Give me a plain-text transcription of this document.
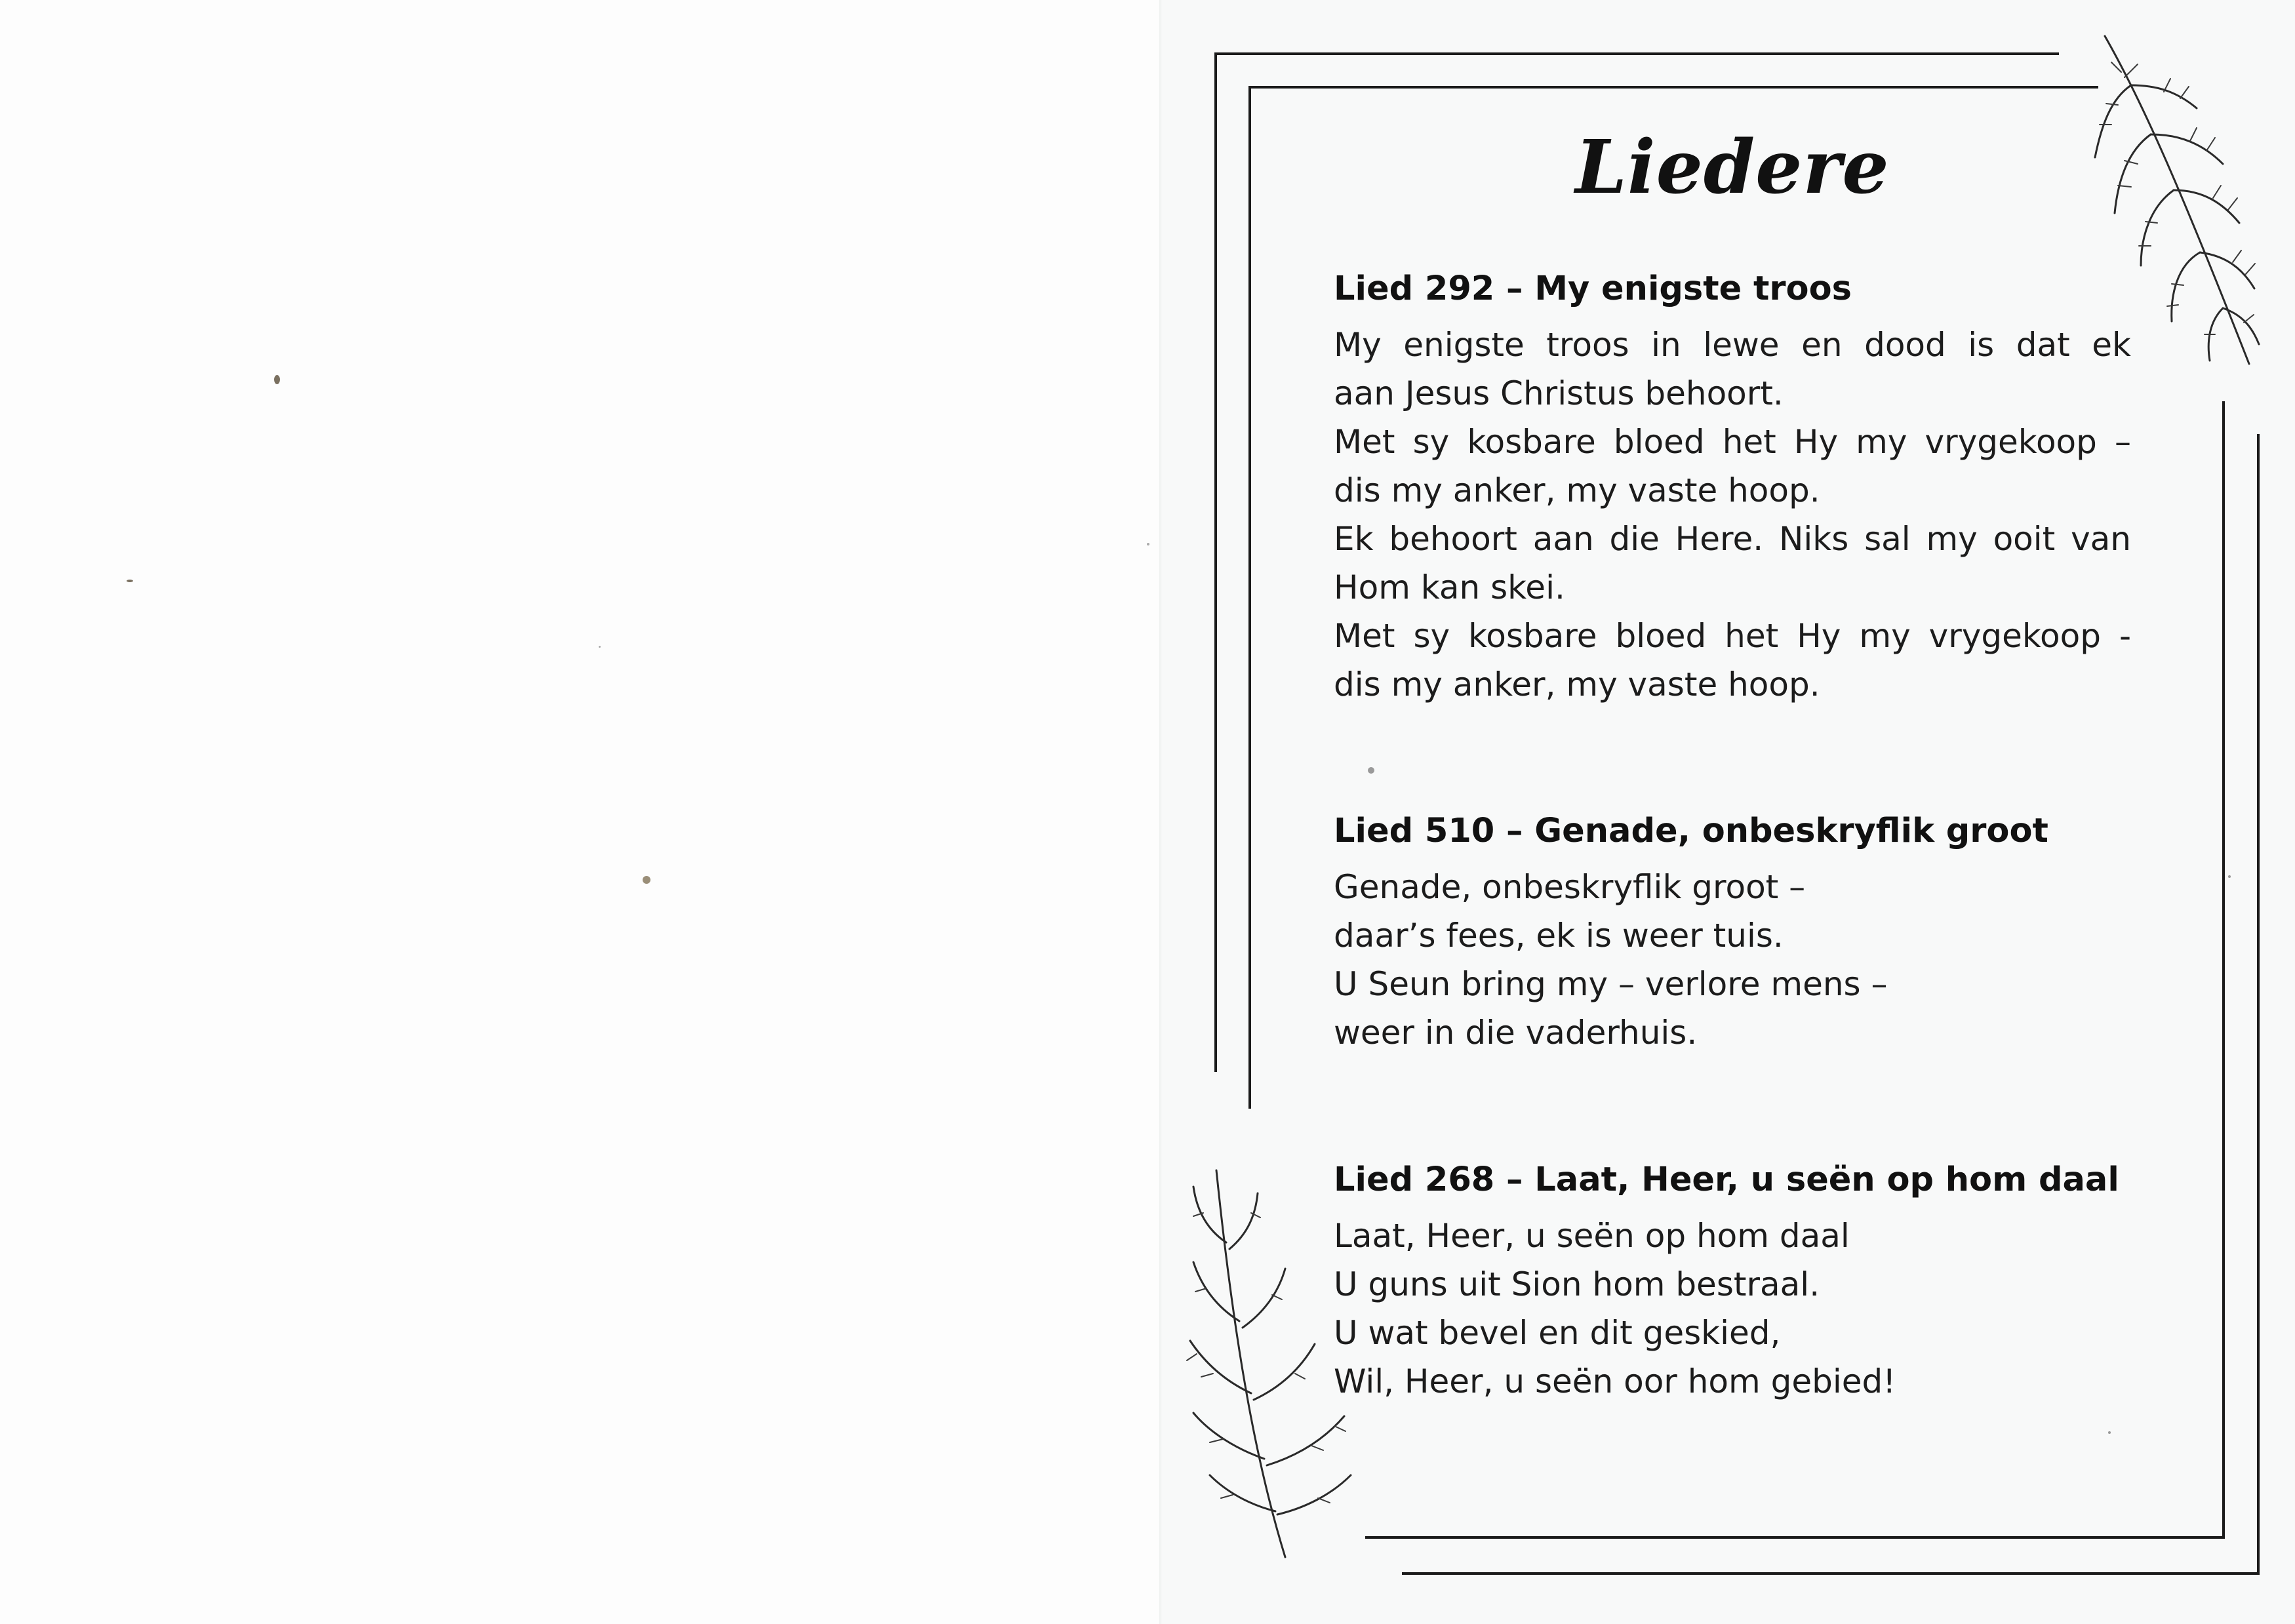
Liedere
Lied 292 – My enigste troos
My enigste troos in lewe en dood is dat ek
aan Jesus Christus behoort.
Met sy kosbare bloed het Hy my vrygekoop –
dis my anker, my vaste hoop.
Ek behoort aan die Here. Niks sal my ooit van
Hom kan skei.
Met sy kosbare bloed het Hy my vrygekoop -
dis my anker, my vaste hoop.
Lied 510 – Genade, onbeskryflik groot
Genade, onbeskryflik groot –
daar’s fees, ek is weer tuis.
U Seun bring my – verlore mens –
weer in die vaderhuis.
Lied 268 – Laat, Heer, u seën op hom daal
Laat, Heer, u seën op hom daal
U guns uit Sion hom bestraal.
U wat bevel en dit geskied,
Wil, Heer, u seën oor hom gebied!
